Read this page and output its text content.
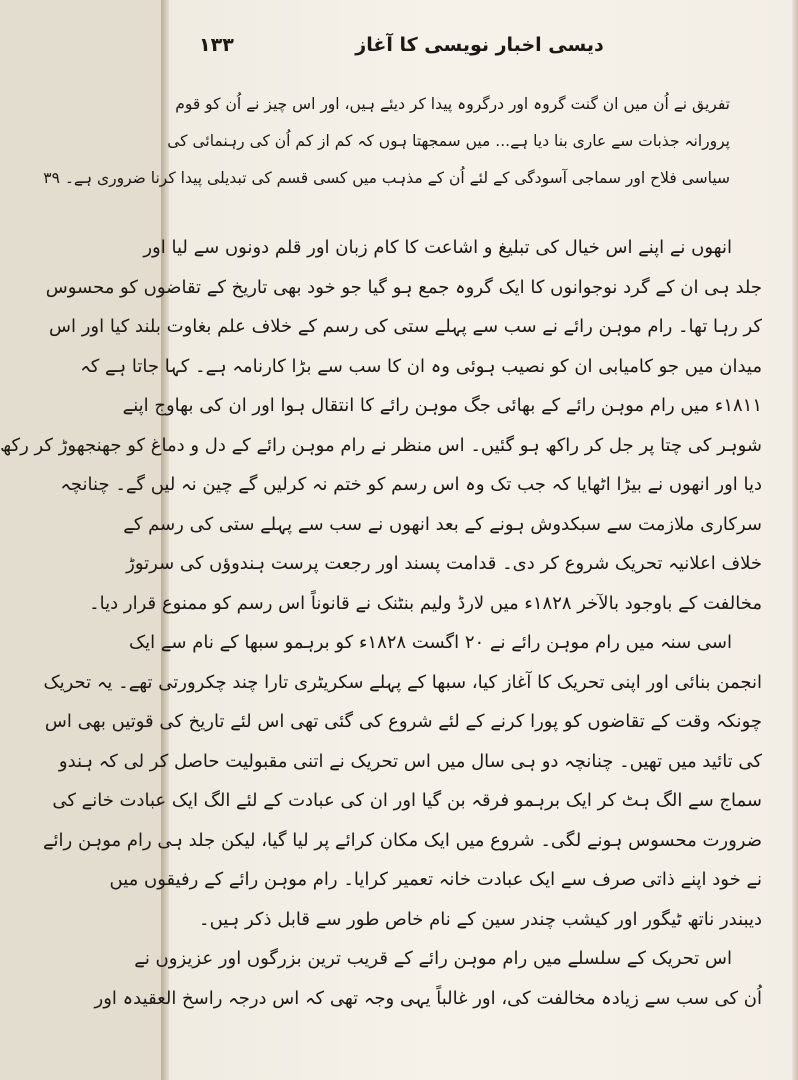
۱۳۳	دیسی اخبار نویسی کا آغاز
تفریق نے اُن میں ان گنت گروہ اور درگروہ پیدا کر دیئے ہیں، اور اس چیز نے اُن کو قوم
پرورانہ جذبات سے عاری بنا دیا ہے... میں سمجھتا ہوں کہ کم از کم اُن کی رہنمائی کی
سیاسی فلاح اور سماجی آسودگی کے لئے اُن کے مذہب میں کسی قسم کی تبدیلی پیدا کرنا ضروری ہے۔ ۳۹
انھوں نے اپنے اس خیال کی تبلیغ و اشاعت کا کام زبان اور قلم دونوں سے لیا اور
جلد ہی ان کے گرد نوجوانوں کا ایک گروہ جمع ہو گیا جو خود بھی تاریخ کے تقاضوں کو محسوس
کر رہا تھا۔ رام موہن رائے نے سب سے پہلے ستی کی رسم کے خلاف علم بغاوت بلند کیا اور اس
میدان میں جو کامیابی ان کو نصیب ہوئی وہ ان کا سب سے بڑا کارنامہ ہے۔ کہا جاتا ہے کہ
۱۸۱۱ء میں رام موہن رائے کے بھائی جگ موہن رائے کا انتقال ہوا اور ان کی بھاوج اپنے
شوہر کی چتا پر جل کر راکھ ہو گئیں۔ اس منظر نے رام موہن رائے کے دل و دماغ کو جھنجھوڑ کر رکھ
دیا اور انھوں نے بیڑا اٹھایا کہ جب تک وہ اس رسم کو ختم نہ کرلیں گے چین نہ لیں گے۔ چنانچہ
سرکاری ملازمت سے سبکدوش ہونے کے بعد انھوں نے سب سے پہلے ستی کی رسم کے
خلاف اعلانیہ تحریک شروع کر دی۔ قدامت پسند اور رجعت پرست ہندوؤں کی سرتوڑ
مخالفت کے باوجود بالآخر ۱۸۲۸ء میں لارڈ ولیم بنٹنک نے قانوناً اس رسم کو ممنوع قرار دیا۔
اسی سنہ میں رام موہن رائے نے ۲۰ اگست ۱۸۲۸ء کو برہمو سبھا کے نام سے ایک
انجمن بنائی اور اپنی تحریک کا آغاز کیا، سبھا کے پہلے سکریٹری تارا چند چکرورتی تھے۔ یہ تحریک
چونکہ وقت کے تقاضوں کو پورا کرنے کے لئے شروع کی گئی تھی اس لئے تاریخ کی قوتیں بھی اس
کی تائید میں تھیں۔ چنانچہ دو ہی سال میں اس تحریک نے اتنی مقبولیت حاصل کر لی کہ ہندو
سماج سے الگ ہٹ کر ایک برہمو فرقہ بن گیا اور ان کی عبادت کے لئے الگ ایک عبادت خانے کی
ضرورت محسوس ہونے لگی۔ شروع میں ایک مکان کرائے پر لیا گیا، لیکن جلد ہی رام موہن رائے
نے خود اپنے ذاتی صرف سے ایک عبادت خانہ تعمیر کرایا۔ رام موہن رائے کے رفیقوں میں
دیبندر ناتھ ٹیگور اور کیشب چندر سین کے نام خاص طور سے قابل ذکر ہیں۔
اس تحریک کے سلسلے میں رام موہن رائے کے قریب ترین بزرگوں اور عزیزوں نے
اُن کی سب سے زیادہ مخالفت کی، اور غالباً یہی وجہ تھی کہ اس درجہ راسخ العقیدہ اور
